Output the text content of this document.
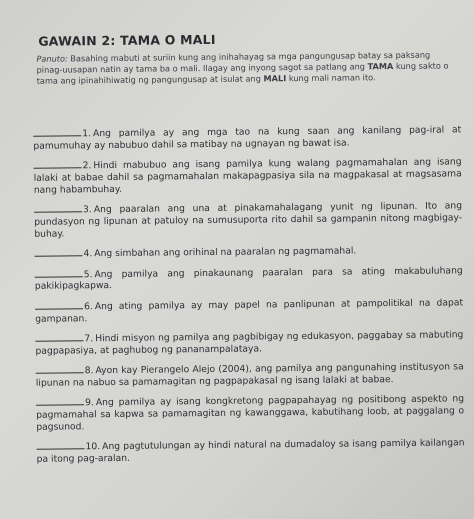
GAWAIN 2: TAMA O MALI
Panuto: Basahing mabuti at suriin kung ang inihahayag sa mga pangungusap batay sa paksang pinag-uusapan natin ay tama ba o mali. Ilagay ang inyong sagot sa patlang ang TAMA kung sakto o tama ang ipinahihiwatig ng pangungusap at isulat ang MALI kung mali naman ito.
1. Ang pamilya ay ang mga tao na kung saan ang kanilang pag-iral at pamumuhay ay nabubuo dahil sa matibay na ugnayan ng bawat isa.
2. Hindi mabubuo ang isang pamilya kung walang pagmamahalan ang isang lalaki at babae dahil sa pagmamahalan makapagpasiya sila na magpakasal at magsasama nang habambuhay.
3. Ang paaralan ang una at pinakamahalagang yunit ng lipunan. Ito ang pundasyon ng lipunan at patuloy na sumusuporta rito dahil sa gampanin nitong magbigay-buhay.
4. Ang simbahan ang orihinal na paaralan ng pagmamahal.
5. Ang pamilya ang pinakaunang paaralan para sa ating makabuluhang pakikipagkapwa.
6. Ang ating pamilya ay may papel na panlipunan at pampolitikal na dapat gampanan.
7. Hindi misyon ng pamilya ang pagbibigay ng edukasyon, paggabay sa mabuting pagpapasiya, at paghubog ng pananampalataya.
8. Ayon kay Pierangelo Alejo (2004), ang pamilya ang pangunahing institusyon sa lipunan na nabuo sa pamamagitan ng pagpapakasal ng isang lalaki at babae.
9. Ang pamilya ay isang kongkretong pagpapahayag ng positibong aspekto ng pagmamahal sa kapwa sa pamamagitan ng kawanggawa, kabutihang loob, at paggalang o pagsunod.
10. Ang pagtutulungan ay hindi natural na dumadaloy sa isang pamilya kailangan pa itong pag-aralan.
